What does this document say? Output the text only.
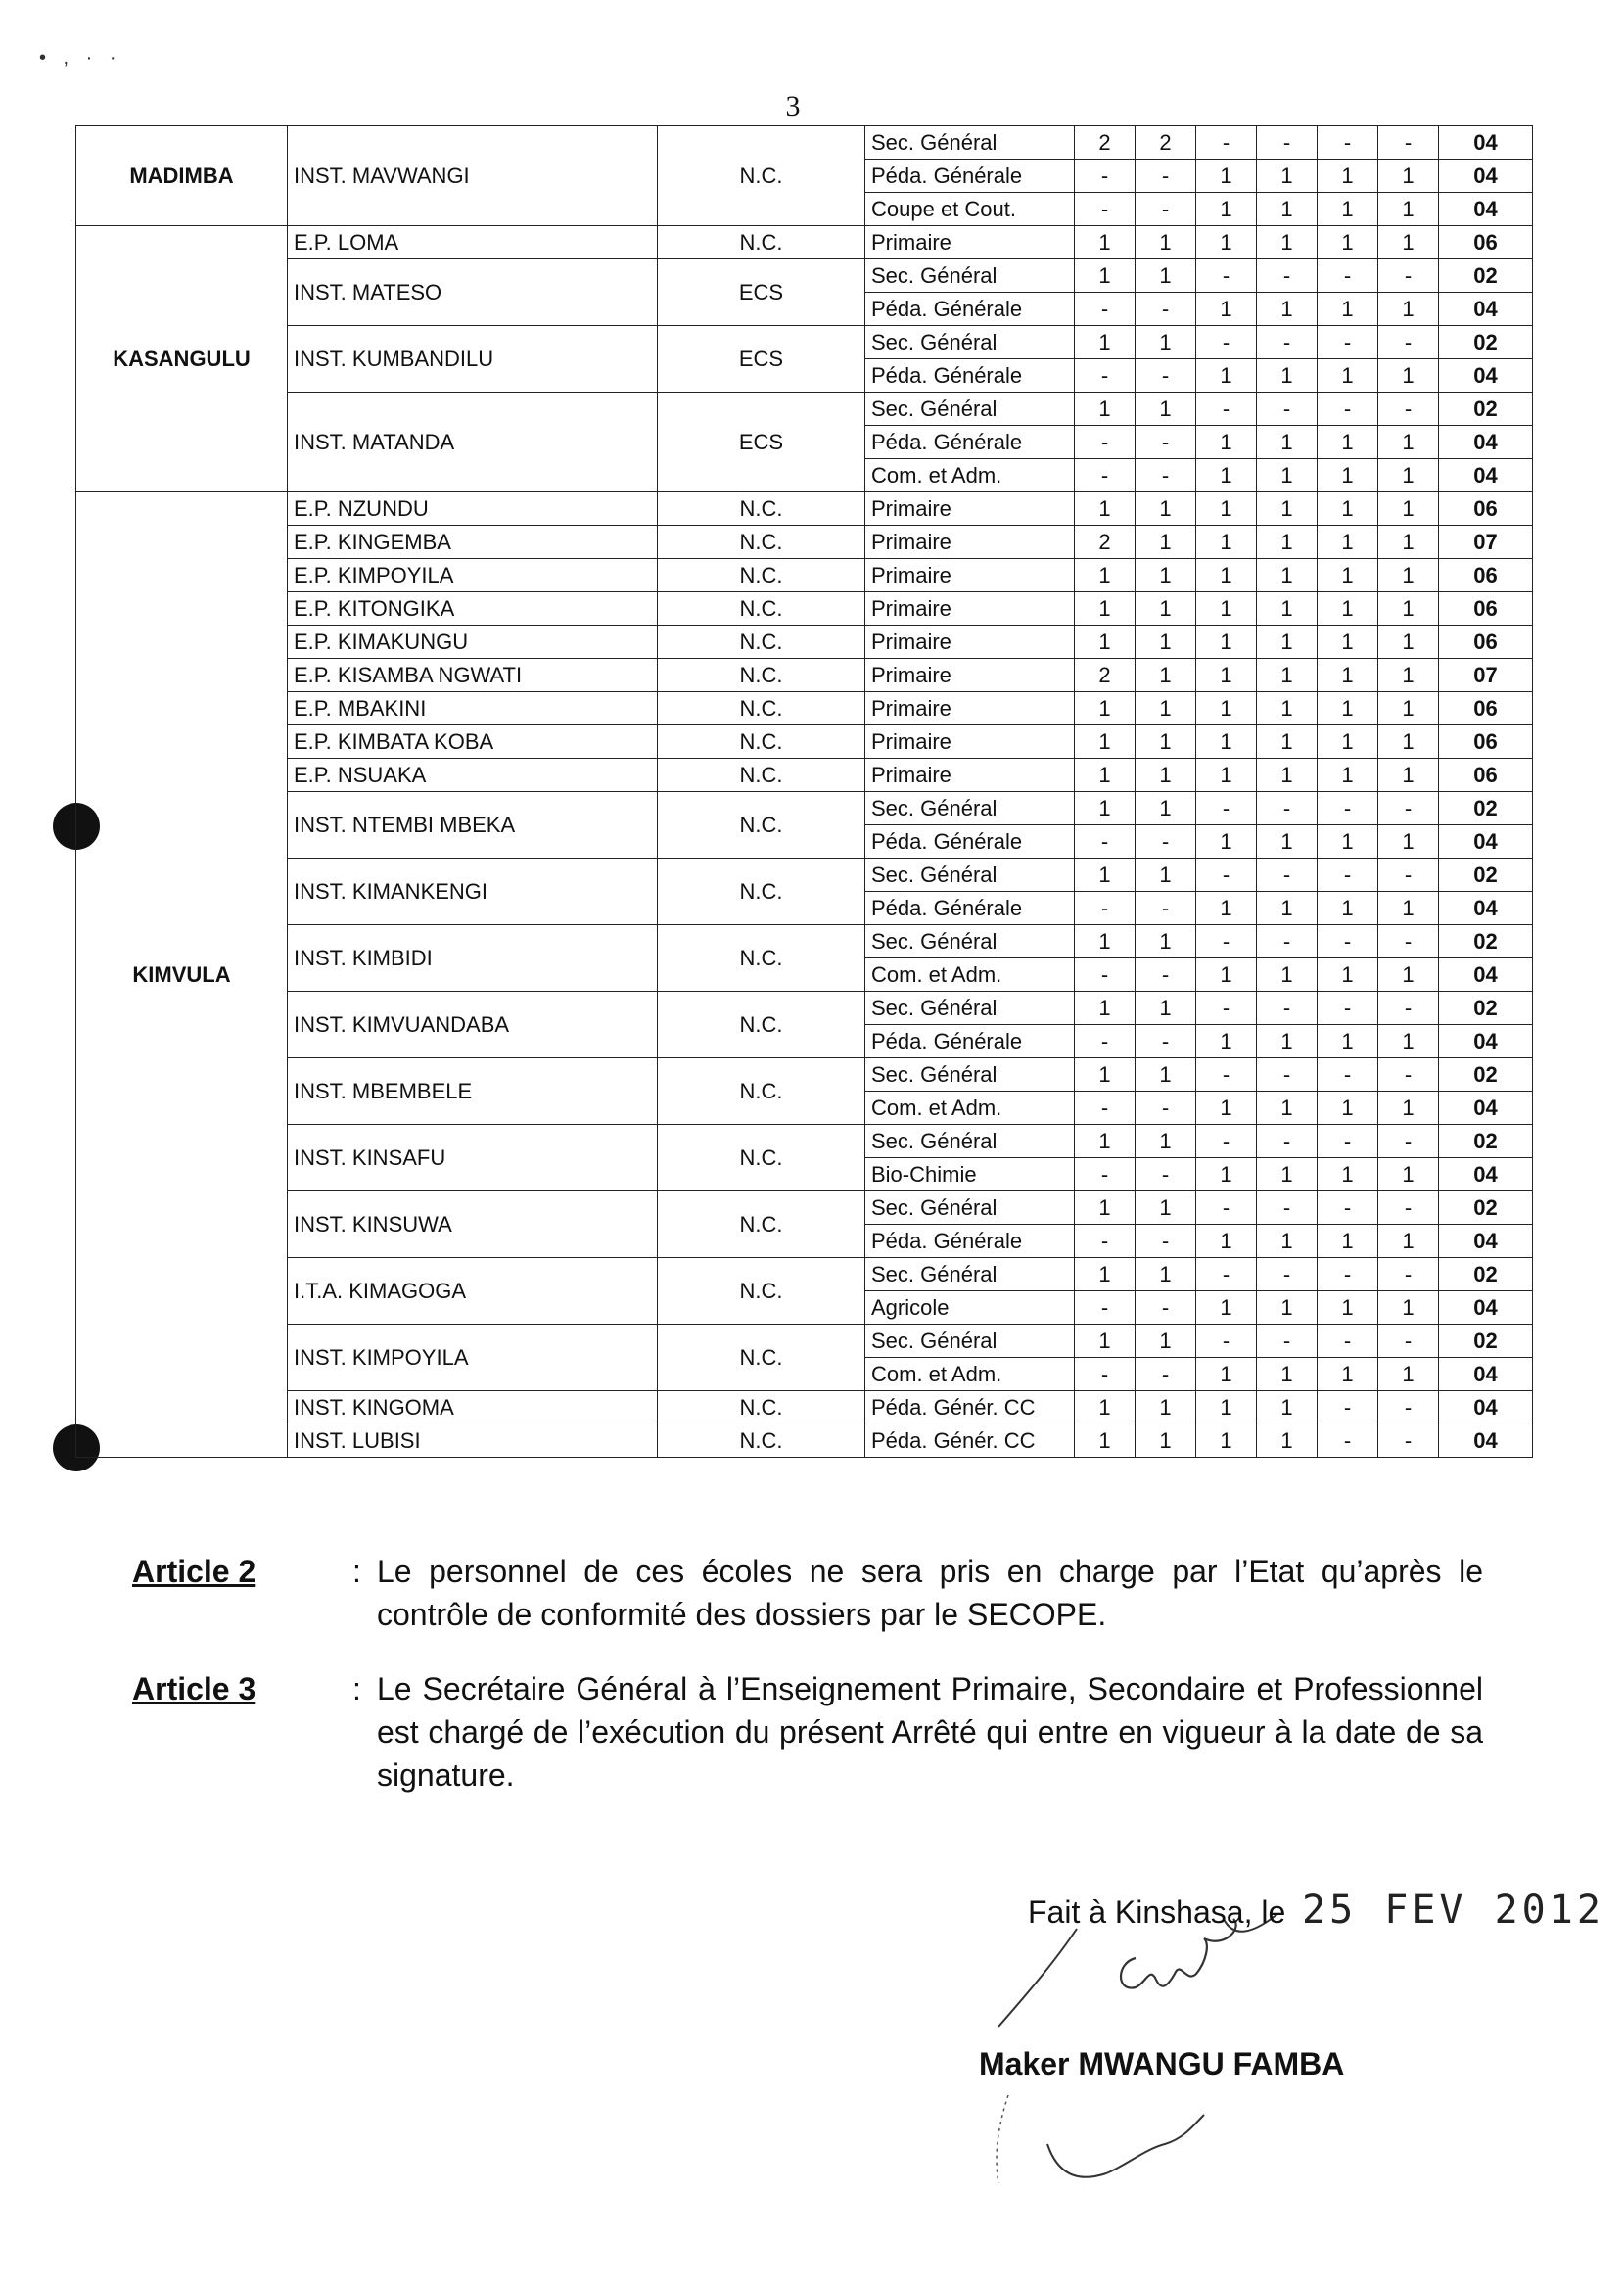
• , · ·
3
MADIMBA	INST. MAVWANGI	N.C.	Sec. Général	2	2	-	-	-	-	04
			Péda. Générale	-	-	1	1	1	1	04
			Coupe et Cout.	-	-	1	1	1	1	04
KASANGULU	E.P. LOMA	N.C.	Primaire	1	1	1	1	1	1	06
	INST. MATESO	ECS	Sec. Général	1	1	-	-	-	-	02
			Péda. Générale	-	-	1	1	1	1	04
	INST. KUMBANDILU	ECS	Sec. Général	1	1	-	-	-	-	02
			Péda. Générale	-	-	1	1	1	1	04
	INST. MATANDA	ECS	Sec. Général	1	1	-	-	-	-	02
			Péda. Générale	-	-	1	1	1	1	04
			Com. et Adm.	-	-	1	1	1	1	04
KIMVULA	E.P. NZUNDU	N.C.	Primaire	1	1	1	1	1	1	06
	E.P. KINGEMBA	N.C.	Primaire	2	1	1	1	1	1	07
	E.P. KIMPOYILA	N.C.	Primaire	1	1	1	1	1	1	06
	E.P. KITONGIKA	N.C.	Primaire	1	1	1	1	1	1	06
	E.P. KIMAKUNGU	N.C.	Primaire	1	1	1	1	1	1	06
	E.P. KISAMBA NGWATI	N.C.	Primaire	2	1	1	1	1	1	07
	E.P. MBAKINI	N.C.	Primaire	1	1	1	1	1	1	06
	E.P. KIMBATA KOBA	N.C.	Primaire	1	1	1	1	1	1	06
	E.P. NSUAKA	N.C.	Primaire	1	1	1	1	1	1	06
	INST. NTEMBI MBEKA	N.C.	Sec. Général	1	1	-	-	-	-	02
			Péda. Générale	-	-	1	1	1	1	04
	INST. KIMANKENGI	N.C.	Sec. Général	1	1	-	-	-	-	02
			Péda. Générale	-	-	1	1	1	1	04
	INST. KIMBIDI	N.C.	Sec. Général	1	1	-	-	-	-	02
			Com. et Adm.	-	-	1	1	1	1	04
	INST. KIMVUANDABA	N.C.	Sec. Général	1	1	-	-	-	-	02
			Péda. Générale	-	-	1	1	1	1	04
	INST. MBEMBELE	N.C.	Sec. Général	1	1	-	-	-	-	02
			Com. et Adm.	-	-	1	1	1	1	04
	INST. KINSAFU	N.C.	Sec. Général	1	1	-	-	-	-	02
			Bio-Chimie	-	-	1	1	1	1	04
	INST. KINSUWA	N.C.	Sec. Général	1	1	-	-	-	-	02
			Péda. Générale	-	-	1	1	1	1	04
	I.T.A. KIMAGOGA	N.C.	Sec. Général	1	1	-	-	-	-	02
			Agricole	-	-	1	1	1	1	04
	INST. KIMPOYILA	N.C.	Sec. Général	1	1	-	-	-	-	02
			Com. et Adm.	-	-	1	1	1	1	04
	INST. KINGOMA	N.C.	Péda. Génér. CC	1	1	1	1	-	-	04
	INST. LUBISI	N.C.	Péda. Génér. CC	1	1	1	1	-	-	04
Article 2	: Le personnel de ces écoles ne sera pris en charge par l’Etat qu’après le contrôle de conformité des dossiers par le SECOPE.
Article 3	: Le Secrétaire Général à l’Enseignement Primaire, Secondaire et Professionnel est chargé de l’exécution du présent Arrêté qui entre en vigueur à la date de sa signature.
Fait à Kinshasa, le 25 FEV 2012
Maker MWANGU FAMBA
